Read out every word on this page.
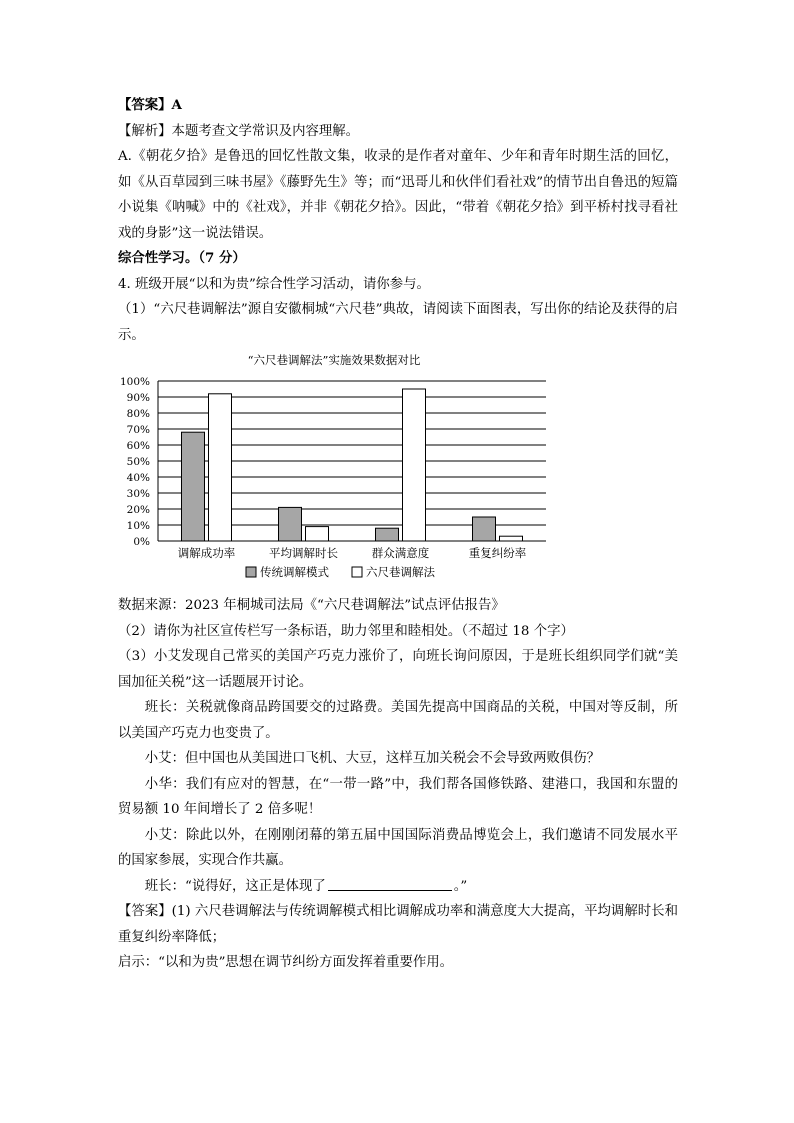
【答案】A
【解析】本题考查文学常识及内容理解。
A.《朝花夕拾》是鲁迅的回忆性散文集，收录的是作者对童年、少年和青年时期生活的回忆，如《从百草园到三味书屋》《藤野先生》等；而“迅哥儿和伙伴们看社戏”的情节出自鲁迅的短篇小说集《呐喊》中的《社戏》，并非《朝花夕拾》。因此，“带着《朝花夕拾》到平桥村找寻看社戏的身影”这一说法错误。
综合性学习。（7 分）
4. 班级开展“以和为贵”综合性学习活动，请你参与。
（1）“六尺巷调解法”源自安徽桐城“六尺巷”典故，请阅读下面图表，写出你的结论及获得的启示。
“六尺巷调解法”实施效果数据对比
0%
10%
20%
30%
40%
50%
60%
70%
80%
90%
100%
调解成功率	平均调解时长	群众满意度	重复纠纷率
传统调解模式	六尺巷调解法
数据来源：2023 年桐城司法局《“六尺巷调解法”试点评估报告》
（2）请你为社区宣传栏写一条标语，助力邻里和睦相处。（不超过 18 个字）
（3）小艾发现自己常买的美国产巧克力涨价了，向班长询问原因，于是班长组织同学们就“美国加征关税”这一话题展开讨论。
班长：关税就像商品跨国要交的过路费。美国先提高中国商品的关税，中国对等反制，所以美国产巧克力也变贵了。
小艾：但中国也从美国进口飞机、大豆，这样互加关税会不会导致两败俱伤？
小华：我们有应对的智慧，在“一带一路”中，我们帮各国修铁路、建港口，我国和东盟的贸易额 10 年间增长了 2 倍多呢！
小艾：除此以外，在刚刚闭幕的第五届中国国际消费品博览会上，我们邀请不同发展水平的国家参展，实现合作共赢。
班长：“说得好，这正是体现了	。”
【答案】(1) 六尺巷调解法与传统调解模式相比调解成功率和满意度大大提高，平均调解时长和重复纠纷率降低；
启示：“以和为贵”思想在调节纠纷方面发挥着重要作用。
